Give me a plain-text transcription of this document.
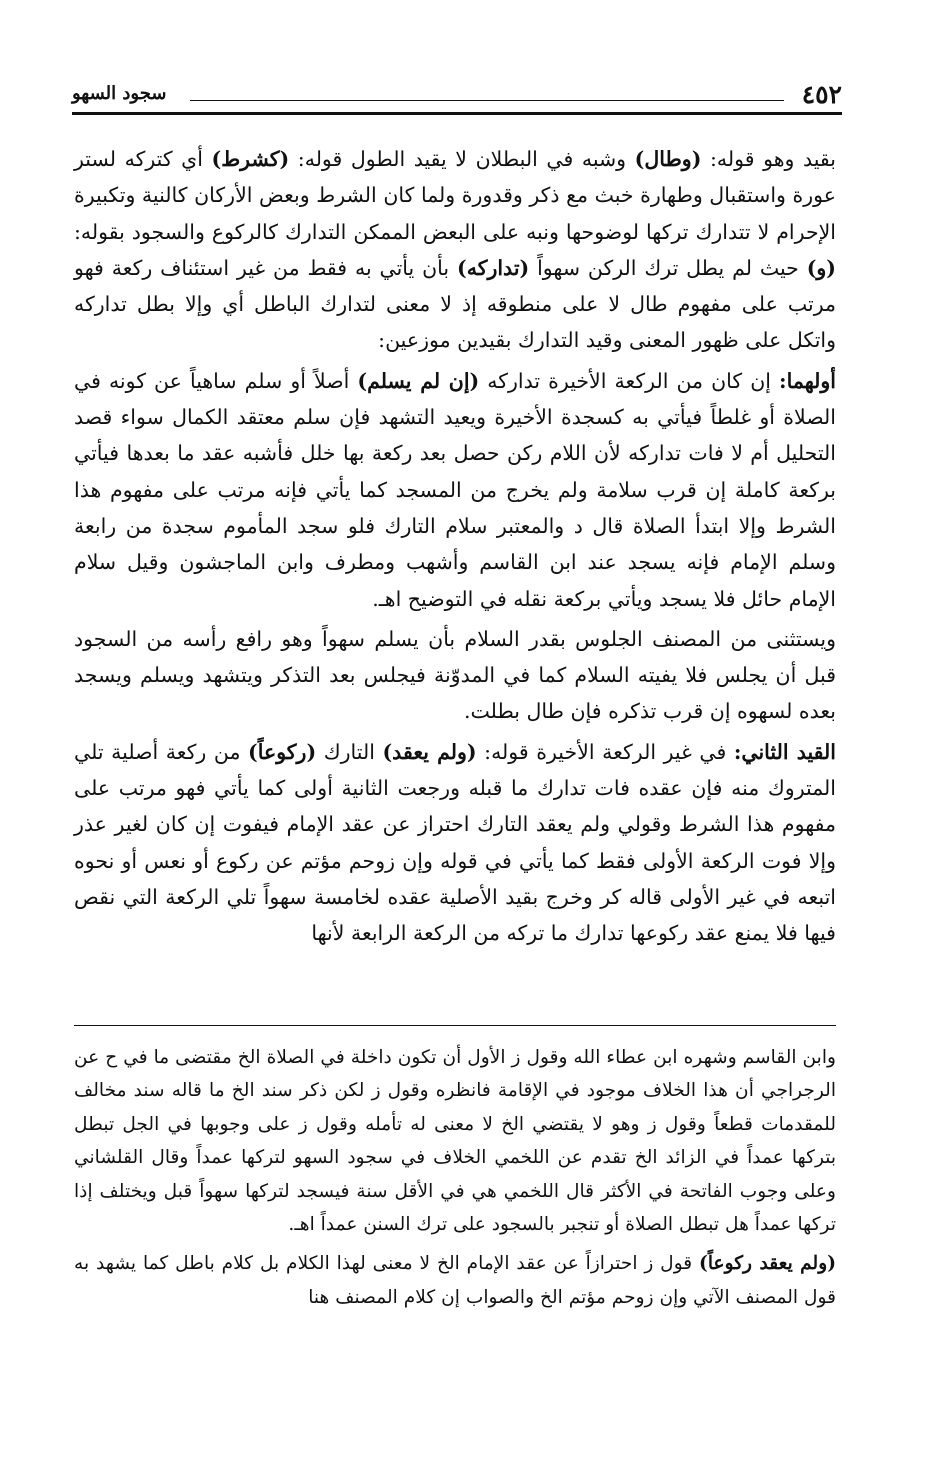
٤٥٢
سجود السهو

بقيد وهو قوله: (وطال) وشبه في البطلان لا يقيد الطول قوله: (كشرط) أي كتركه لستر عورة واستقبال وطهارة خبث مع ذكر وقدورة ولما كان الشرط وبعض الأركان كالنية وتكبيرة الإحرام لا تتدارك تركها لوضوحها ونبه على البعض الممكن التدارك كالركوع والسجود بقوله: (و) حيث لم يطل ترك الركن سهواً (تداركه) بأن يأتي به فقط من غير استئناف ركعة فهو مرتب على مفهوم طال لا على منطوقه إذ لا معنى لتدارك الباطل أي وإلا بطل تداركه واتكل على ظهور المعنى وقيد التدارك بقيدين موزعين:

أولهما: إن كان من الركعة الأخيرة تداركه (إن لم يسلم) أصلاً أو سلم ساهياً عن كونه في الصلاة أو غلطاً فيأتي به كسجدة الأخيرة ويعيد التشهد فإن سلم معتقد الكمال سواء قصد التحليل أم لا فات تداركه لأن اللام ركن حصل بعد ركعة بها خلل فأشبه عقد ما بعدها فيأتي بركعة كاملة إن قرب سلامة ولم يخرج من المسجد كما يأتي فإنه مرتب على مفهوم هذا الشرط وإلا ابتدأ الصلاة قال د والمعتبر سلام التارك فلو سجد المأموم سجدة من رابعة وسلم الإمام فإنه يسجد عند ابن القاسم وأشهب ومطرف وابن الماجشون وقيل سلام الإمام حائل فلا يسجد ويأتي بركعة نقله في التوضيح اهـ.

ويستثنى من المصنف الجلوس بقدر السلام بأن يسلم سهواً وهو رافع رأسه من السجود قبل أن يجلس فلا يفيته السلام كما في المدوّنة فيجلس بعد التذكر ويتشهد ويسلم ويسجد بعده لسهوه إن قرب تذكره فإن طال بطلت.

القيد الثاني: في غير الركعة الأخيرة قوله: (ولم يعقد) التارك (ركوعاً) من ركعة أصلية تلي المتروك منه فإن عقده فات تدارك ما قبله ورجعت الثانية أولى كما يأتي فهو مرتب على مفهوم هذا الشرط وقولي ولم يعقد التارك احتراز عن عقد الإمام فيفوت إن كان لغير عذر وإلا فوت الركعة الأولى فقط كما يأتي في قوله وإن زوحم مؤتم عن ركوع أو نعس أو نحوه اتبعه في غير الأولى قاله كر وخرج بقيد الأصلية عقده لخامسة سهواً تلي الركعة التي نقص فيها فلا يمنع عقد ركوعها تدارك ما تركه من الركعة الرابعة لأنها

وابن القاسم وشهره ابن عطاء الله وقول ز الأول أن تكون داخلة في الصلاة الخ مقتضى ما في ح عن الرجراجي أن هذا الخلاف موجود في الإقامة فانظره وقول ز لكن ذكر سند الخ ما قاله سند مخالف للمقدمات قطعاً وقول ز وهو لا يقتضي الخ لا معنى له تأمله وقول ز على وجوبها في الجل تبطل بتركها عمداً في الزائد الخ تقدم عن اللخمي الخلاف في سجود السهو لتركها عمداً وقال القلشاني وعلى وجوب الفاتحة في الأكثر قال اللخمي هي في الأقل سنة فيسجد لتركها سهواً قبل ويختلف إذا تركها عمداً هل تبطل الصلاة أو تنجبر بالسجود على ترك السنن عمداً اهـ.

(ولم يعقد ركوعاً) قول ز احترازاً عن عقد الإمام الخ لا معنى لهذا الكلام بل كلام باطل كما يشهد به قول المصنف الآتي وإن زوحم مؤتم الخ والصواب إن كلام المصنف هنا
